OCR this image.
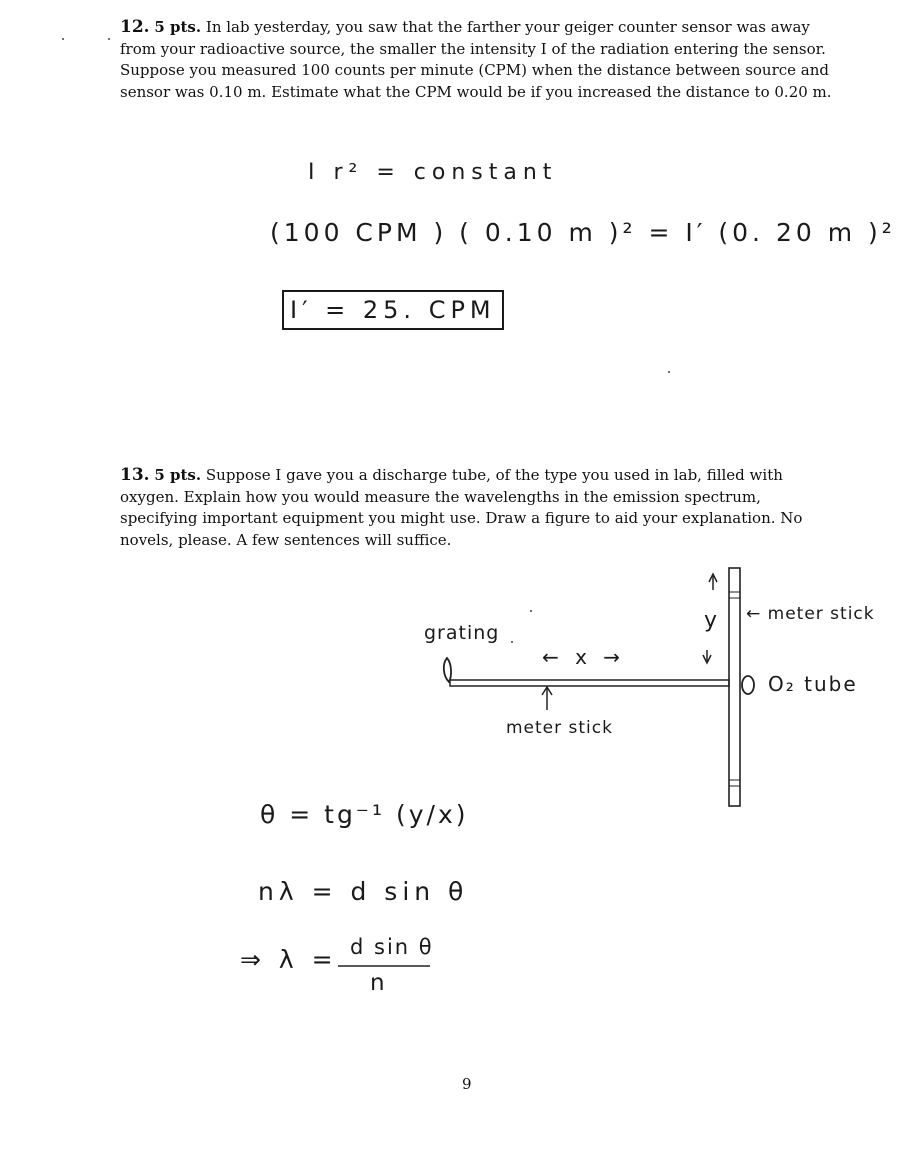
12. 5 pts. In lab yesterday, you saw that the farther your geiger counter sensor was away from your radioactive source, the smaller the intensity I of the radiation entering the sensor. Suppose you measured 100 counts per minute (CPM) when the distance between source and sensor was 0.10 m. Estimate what the CPM would be if you increased the distance to 0.20 m.
I r² = constant
(100 CPM ) ( 0.10 m )² = I′ (0. 20 m )²
I′ = 25. CPM
13. 5 pts. Suppose I gave you a discharge tube, of the type you used in lab, filled with oxygen. Explain how you would measure the wavelengths in the emission spectrum, specifying important equipment you might use. Draw a figure to aid your explanation. No novels, please. A few sentences will suffice.
grating
← x →
y ← meter stick
O₂ tube
meter stick
θ = tg⁻¹ (y/x)
nλ = d sin θ
⇒ λ = d sin θ
n
9
